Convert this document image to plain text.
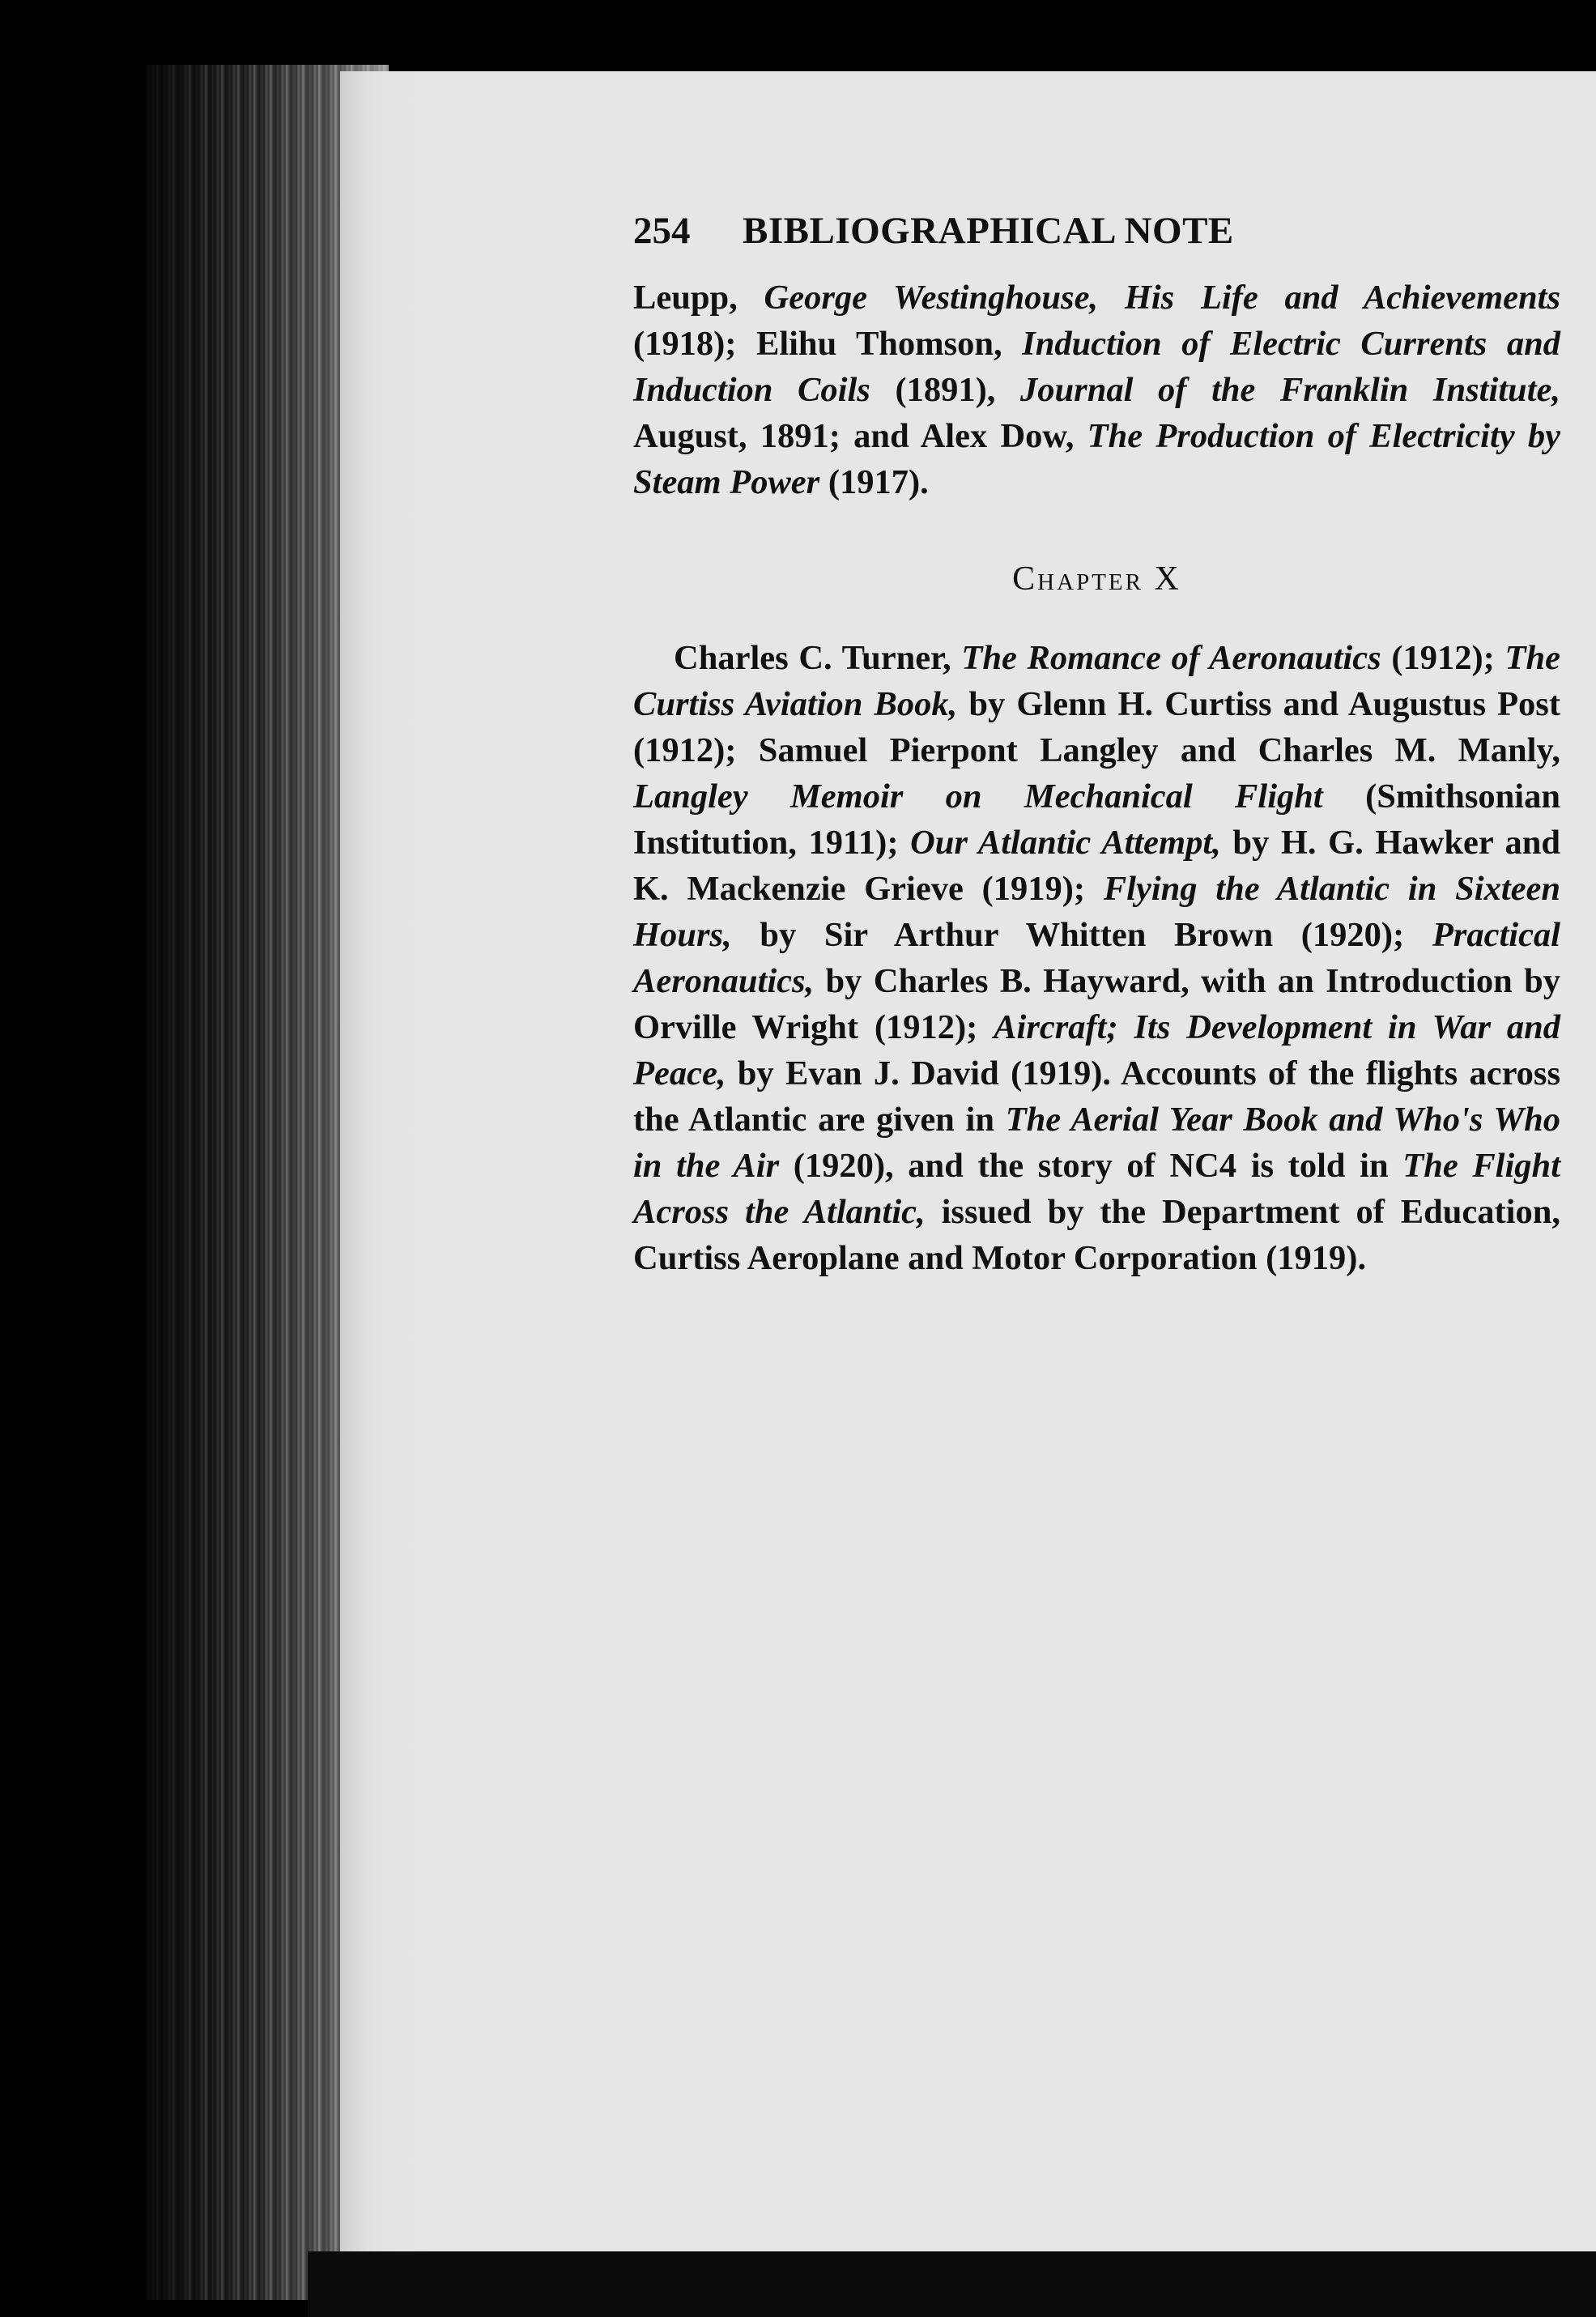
254	BIBLIOGRAPHICAL NOTE

Leupp, George Westinghouse, His Life and Achievements (1918); Elihu Thomson, Induction of Electric Currents and Induction Coils (1891), Journal of the Franklin Institute, August, 1891; and Alex Dow, The Production of Electricity by Steam Power (1917).

Chapter X

Charles C. Turner, The Romance of Aeronautics (1912); The Curtiss Aviation Book, by Glenn H. Curtiss and Augustus Post (1912); Samuel Pierpont Langley and Charles M. Manly, Langley Memoir on Mechanical Flight (Smithsonian Institution, 1911); Our Atlantic Attempt, by H. G. Hawker and K. Mackenzie Grieve (1919); Flying the Atlantic in Sixteen Hours, by Sir Arthur Whitten Brown (1920); Practical Aeronautics, by Charles B. Hayward, with an Introduction by Orville Wright (1912); Aircraft; Its Development in War and Peace, by Evan J. David (1919). Accounts of the flights across the Atlantic are given in The Aerial Year Book and Who's Who in the Air (1920), and the story of NC4 is told in The Flight Across the Atlantic, issued by the Department of Education, Curtiss Aeroplane and Motor Corporation (1919).
